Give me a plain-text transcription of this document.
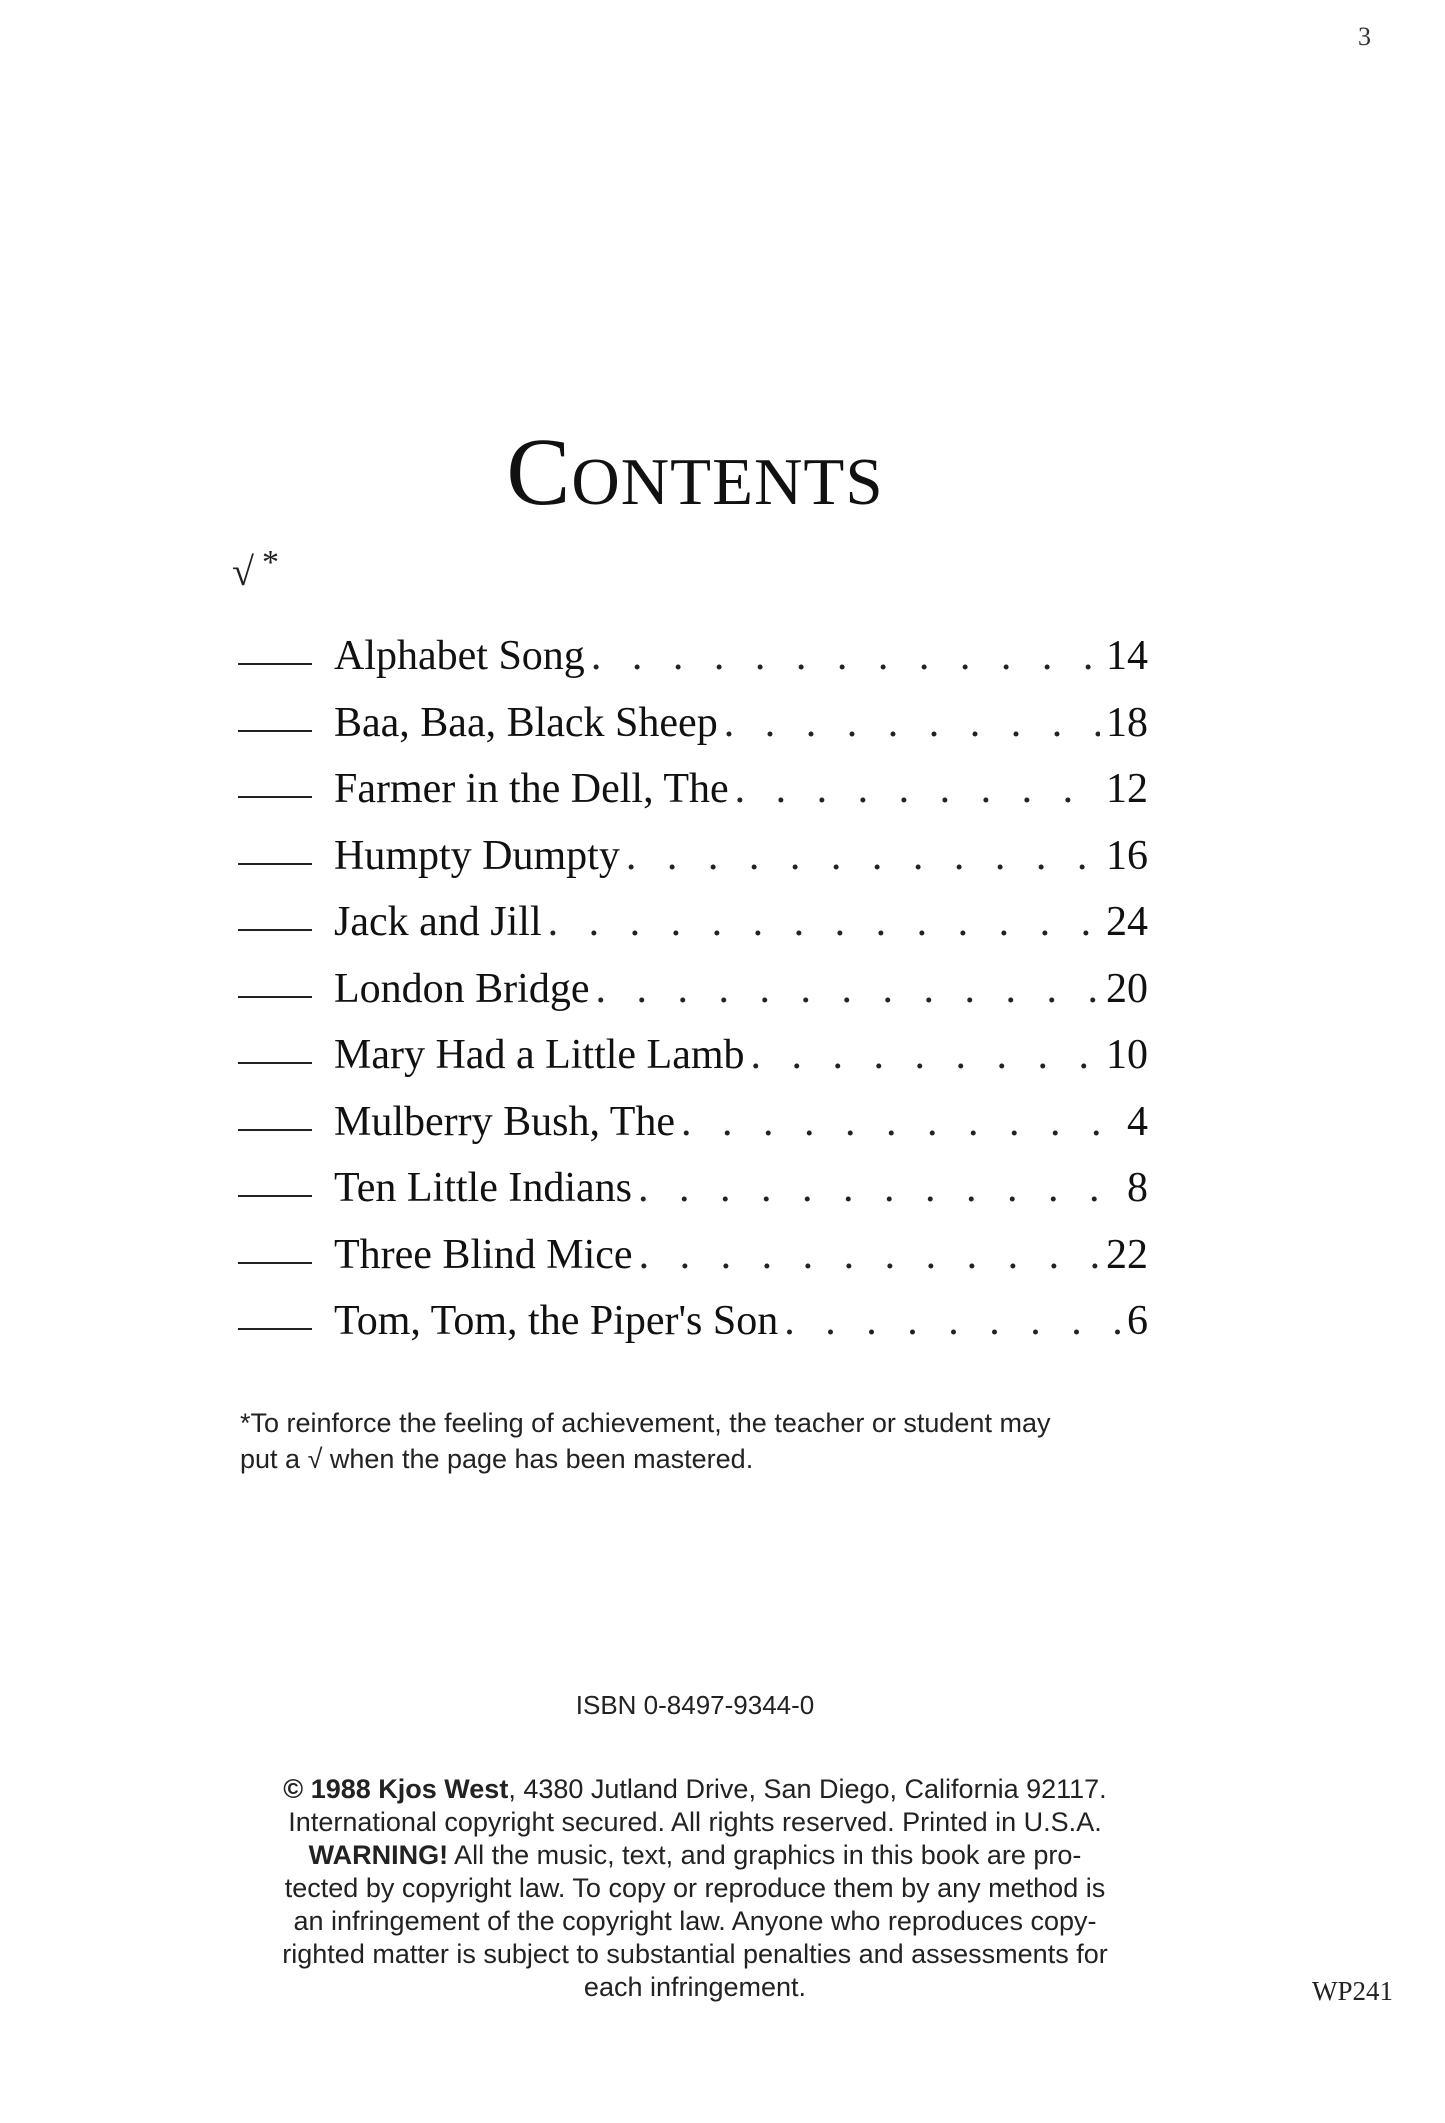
3
Contents
√ *
Alphabet Song . . .	14
Baa, Baa, Black Sheep . . .	18
Farmer in the Dell, The . . .	12
Humpty Dumpty . . .	16
Jack and Jill . . .	24
London Bridge . . .	20
Mary Had a Little Lamb . . .	10
Mulberry Bush, The . . .	4
Ten Little Indians . . .	8
Three Blind Mice . . .	22
Tom, Tom, the Piper's Son . . .	6

*To reinforce the feeling of achievement, the teacher or student may
put a √ when the page has been mastered.

ISBN 0-8497-9344-0

© 1988 Kjos West, 4380 Jutland Drive, San Diego, California 92117.
International copyright secured. All rights reserved. Printed in U.S.A.
WARNING! All the music, text, and graphics in this book are pro-
tected by copyright law. To copy or reproduce them by any method is
an infringement of the copyright law. Anyone who reproduces copy-
righted matter is subject to substantial penalties and assessments for
each infringement.	WP241
